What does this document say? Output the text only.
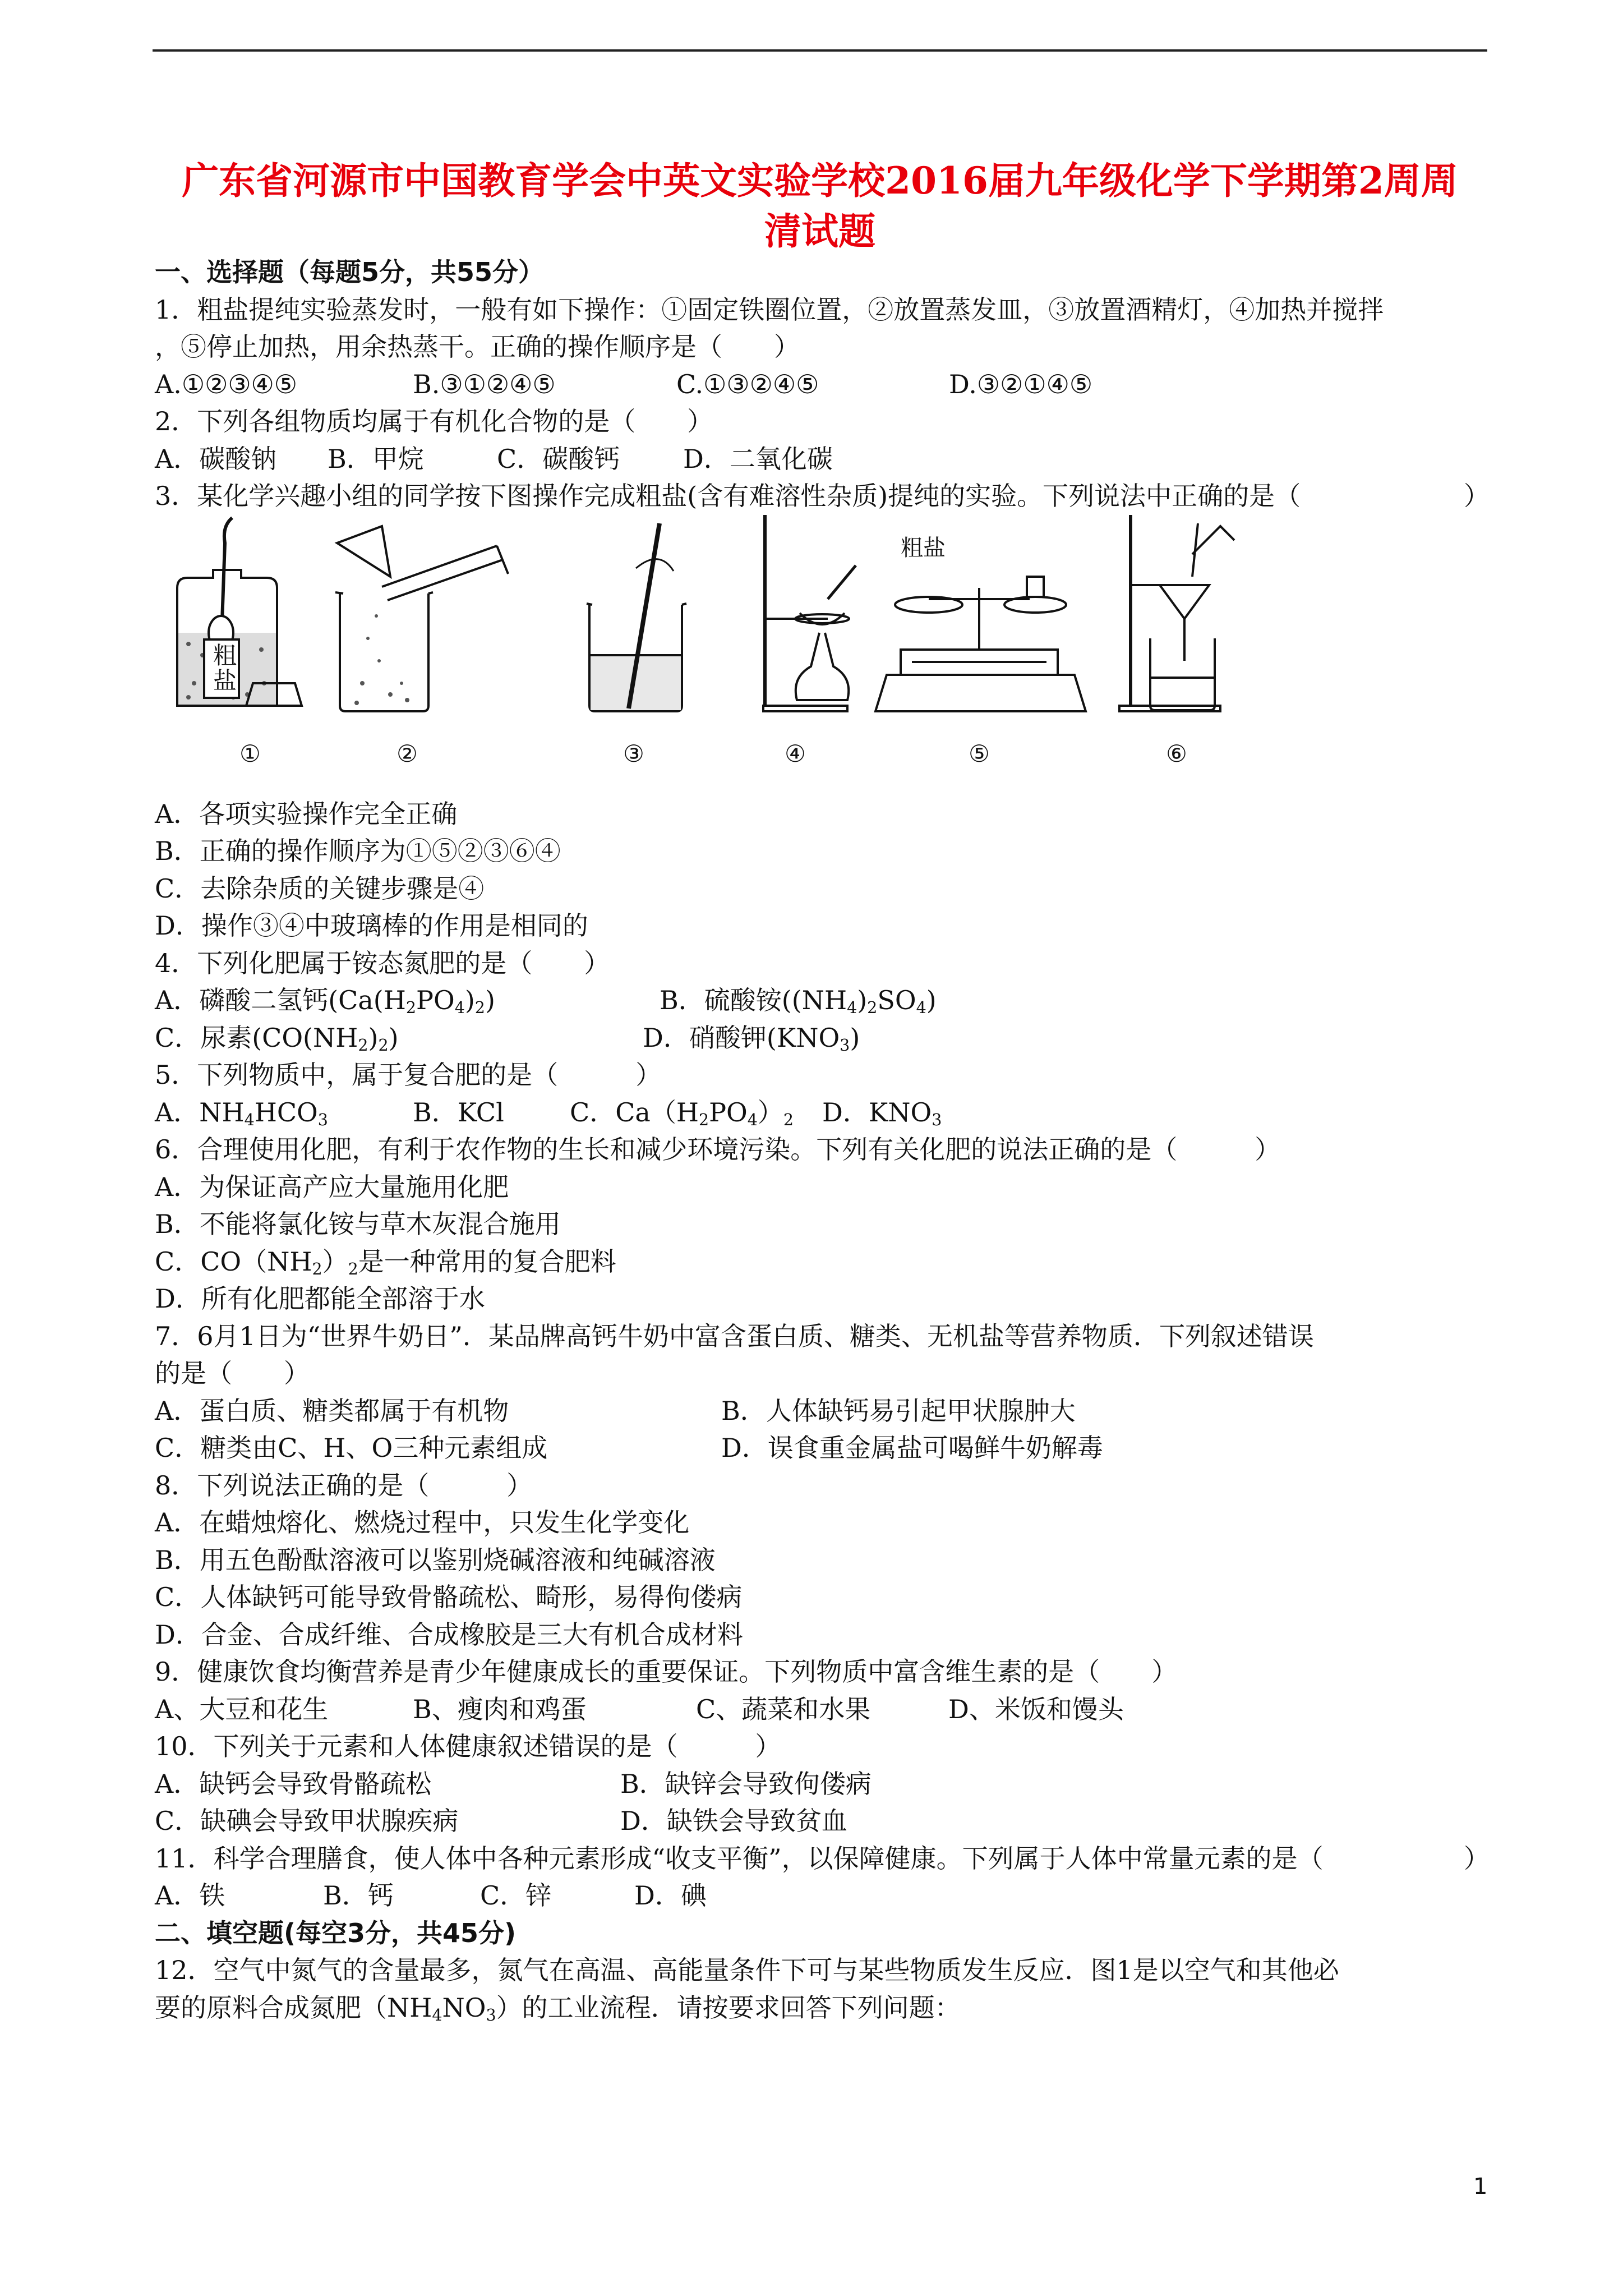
广东省河源市中国教育学会中英文实验学校2016届九年级化学下学期第2周周
清试题
一、选择题（每题5分，共55分）
1．粗盐提纯实验蒸发时，一般有如下操作：①固定铁圈位置，②放置蒸发皿，③放置酒精灯，④加热并搅拌
，⑤停止加热，用余热蒸干。正确的操作顺序是（　　）
A.①②③④⑤	B.③①②④⑤	C.①③②④⑤	D.③②①④⑤
2．下列各组物质均属于有机化合物的是（　　）
A．碳酸钠 B．甲烷	C．碳酸钙 D．二氧化碳
3．某化学兴趣小组的同学按下图操作完成粗盐(含有难溶性杂质)提纯的实验。下列说法中正确的是（	）
粗
盐
粗盐
①	②	③	④	⑤	⑥
A．各项实验操作完全正确
B．正确的操作顺序为①⑤②③⑥④
C．去除杂质的关键步骤是④
D．操作③④中玻璃棒的作用是相同的
4．下列化肥属于铵态氮肥的是（　　）
A．磷酸二氢钙$(Ca(H_2PO_4)_2)$	B．硫酸铵$((NH_4)_2SO_4)$
C．尿素$(CO(NH_2)_2)$	D．硝酸钾$(KNO_3)$
5．下列物质中，属于复合肥的是（　　　）
A．$NH_4HCO_3$	B．KCl	C．$Ca(H_2PO_4)_2$ D．$KNO_3$
6．合理使用化肥，有利于农作物的生长和减少环境污染。下列有关化肥的说法正确的是（　　　）
A．为保证高产应大量施用化肥
B．不能将氯化铵与草木灰混合施用
C．$CO(NH_2)_2$是一种常用的复合肥料
D．所有化肥都能全部溶于水
7．6月1日为“世界牛奶日”．某品牌高钙牛奶中富含蛋白质、糖类、无机盐等营养物质．下列叙述错误
的是（　　）
A．蛋白质、糖类都属于有机物	B．人体缺钙易引起甲状腺肿大
C．糖类由C、H、O三种元素组成	D．误食重金属盐可喝鲜牛奶解毒
8．下列说法正确的是（　　　）
A．在蜡烛熔化、燃烧过程中，只发生化学变化
B．用五色酚酞溶液可以鉴别烧碱溶液和纯碱溶液
C．人体缺钙可能导致骨骼疏松、畸形，易得佝偻病
D．合金、合成纤维、合成橡胶是三大有机合成材料
9．健康饮食均衡营养是青少年健康成长的重要保证。下列物质中富含维生素的是（　　）
A、大豆和花生	B、瘦肉和鸡蛋	C、蔬菜和水果	D、米饭和馒头
10．下列关于元素和人体健康叙述错误的是（　　　）
A．缺钙会导致骨骼疏松	B．缺锌会导致佝偻病
C．缺碘会导致甲状腺疾病	D．缺铁会导致贫血
11．科学合理膳食，使人体中各种元素形成“收支平衡”，以保障健康。下列属于人体中常量元素的是（	）
A．铁	B．钙	C．锌	D．碘
二、填空题(每空3分，共45分)
12．空气中氮气的含量最多，氮气在高温、高能量条件下可与某些物质发生反应．图1是以空气和其他必
要的原料合成氮肥$(NH_4NO_3)$的工业流程．请按要求回答下列问题：
1
